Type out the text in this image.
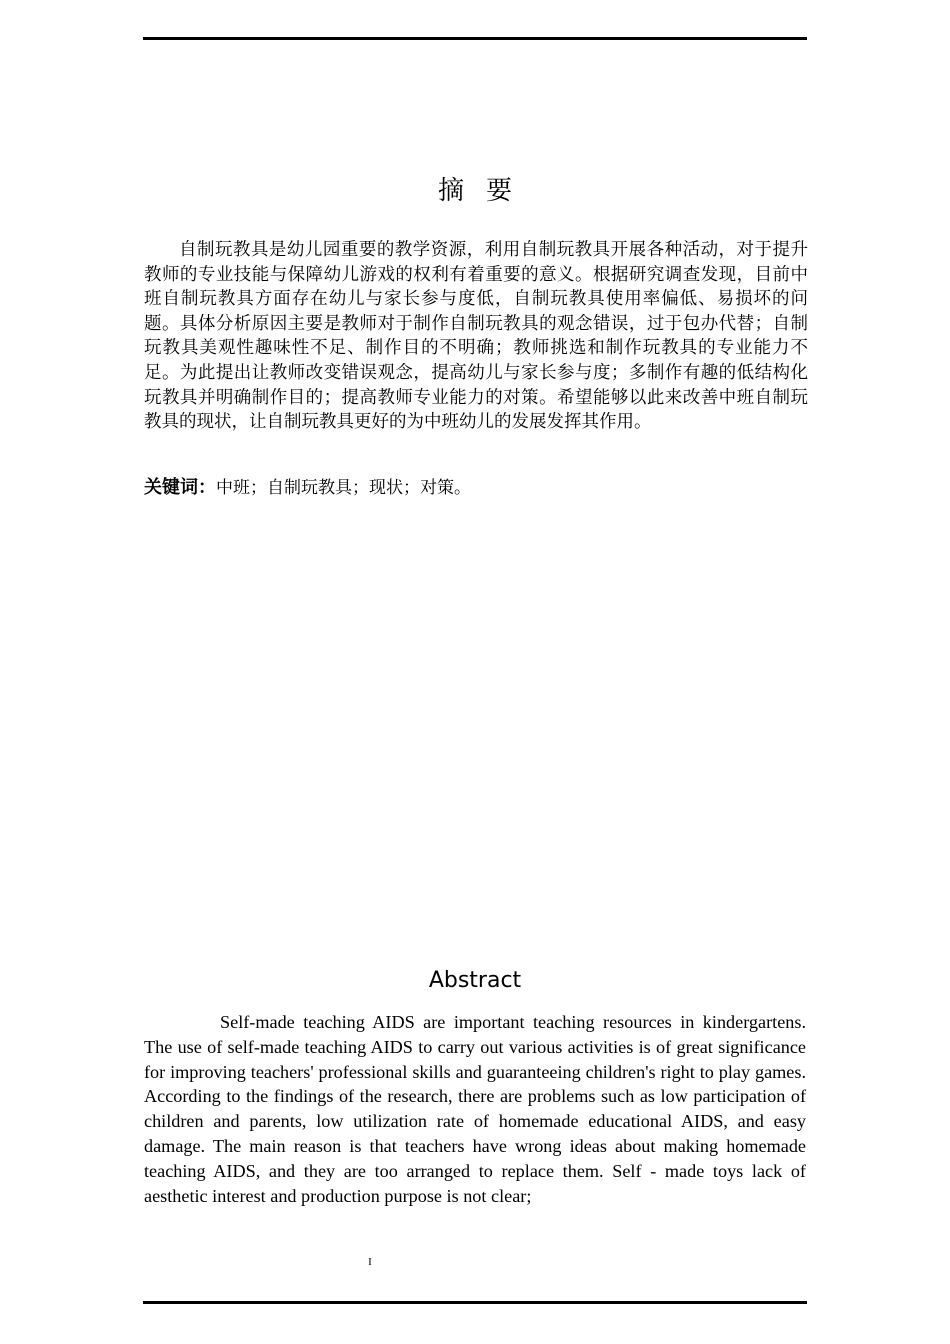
摘要

自制玩教具是幼儿园重要的教学资源，利用自制玩教具开展各种活动，对于提升教师的专业技能与保障幼儿游戏的权利有着重要的意义。根据研究调查发现，目前中班自制玩教具方面存在幼儿与家长参与度低，自制玩教具使用率偏低、易损坏的问题。具体分析原因主要是教师对于制作自制玩教具的观念错误，过于包办代替；自制玩教具美观性趣味性不足、制作目的不明确；教师挑选和制作玩教具的专业能力不足。为此提出让教师改变错误观念，提高幼儿与家长参与度；多制作有趣的低结构化玩教具并明确制作目的；提高教师专业能力的对策。希望能够以此来改善中班自制玩教具的现状，让自制玩教具更好的为中班幼儿的发展发挥其作用。

关键词：中班；自制玩教具；现状；对策。

Abstract

Self-made teaching AIDS are important teaching resources in kindergartens. The use of self-made teaching AIDS to carry out various activities is of great significance for improving teachers' professional skills and guaranteeing children's right to play games. According to the findings of the research, there are problems such as low participation of children and parents, low utilization rate of homemade educational AIDS, and easy damage. The main reason is that teachers have wrong ideas about making homemade teaching AIDS, and they are too arranged to replace them. Self - made toys lack of aesthetic interest and production purpose is not clear;

I
